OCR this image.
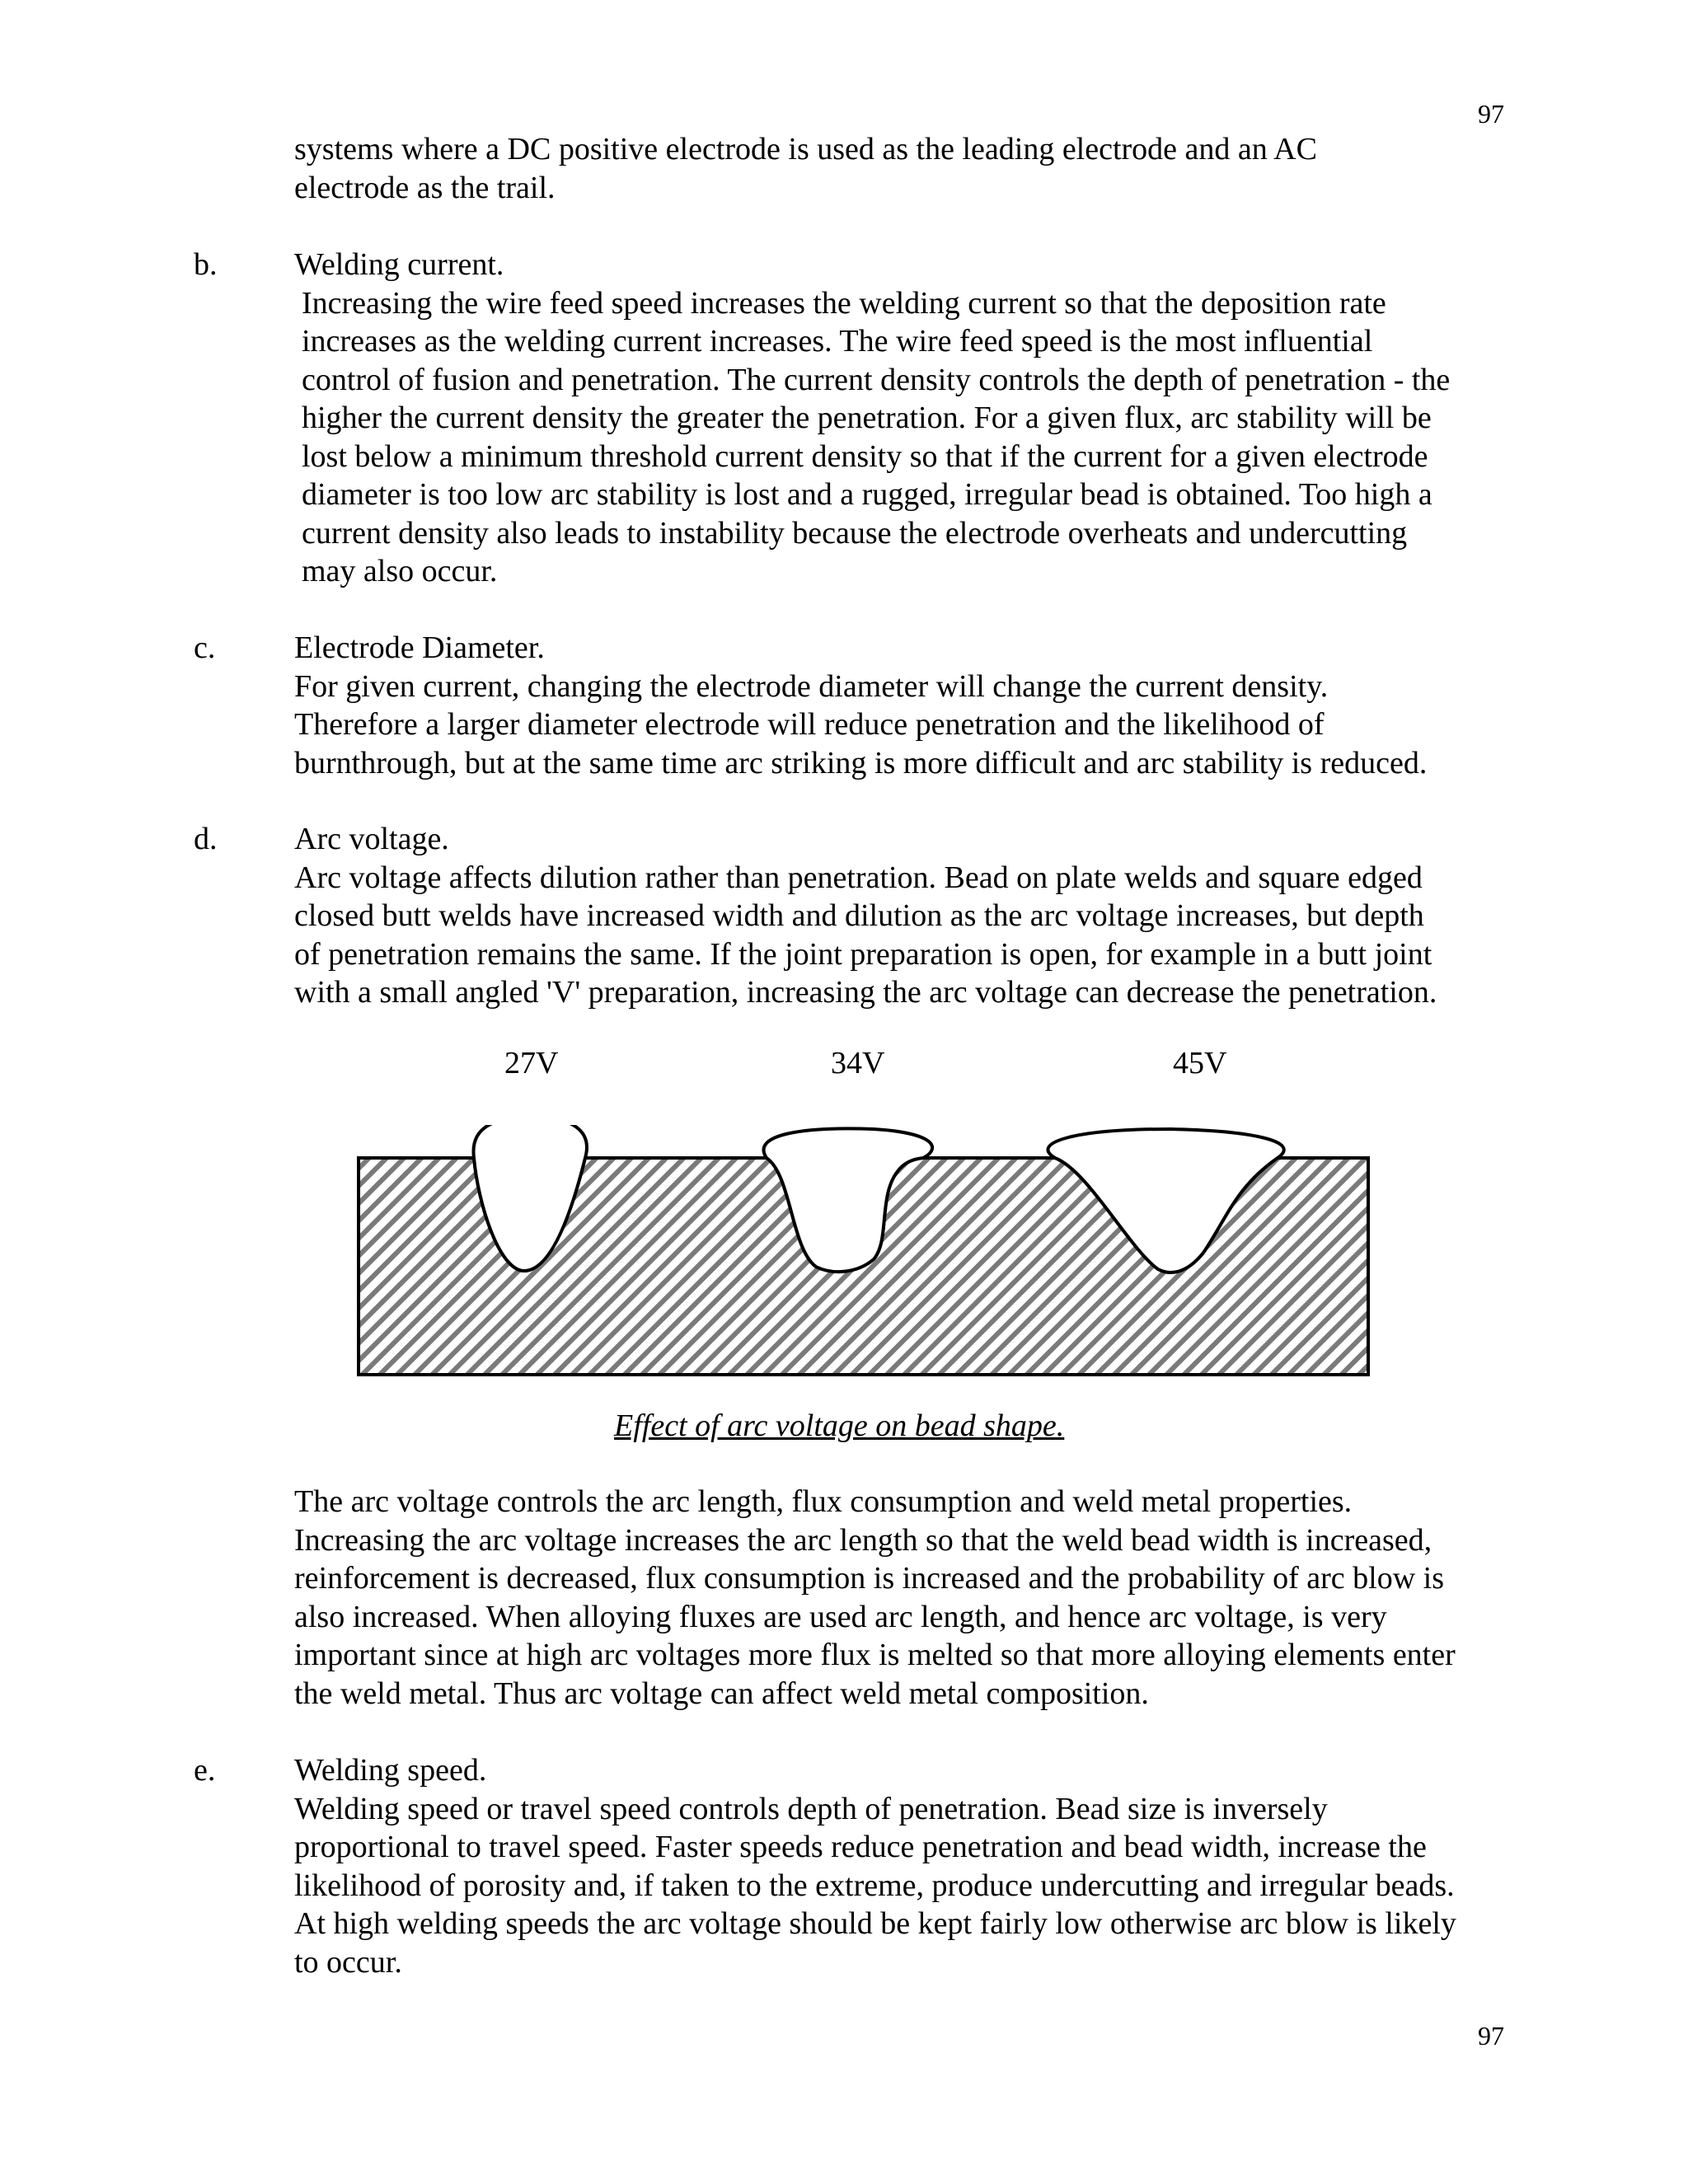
97
systems where a DC positive electrode is used as the leading electrode and an AC
electrode as the trail.
b. Welding current.
Increasing the wire feed speed increases the welding current so that the deposition rate
increases as the welding current increases. The wire feed speed is the most influential
control of fusion and penetration. The current density controls the depth of penetration - the
higher the current density the greater the penetration. For a given flux, arc stability will be
lost below a minimum threshold current density so that if the current for a given electrode
diameter is too low arc stability is lost and a rugged, irregular bead is obtained. Too high a
current density also leads to instability because the electrode overheats and undercutting
may also occur.
c.	Electrode Diameter.
For given current, changing the electrode diameter will change the current density.
Therefore a larger diameter electrode will reduce penetration and the likelihood of
burnthrough, but at the same time arc striking is more difficult and arc stability is reduced.
d. Arc voltage.
Arc voltage affects dilution rather than penetration. Bead on plate welds and square edged
closed butt welds have increased width and dilution as the arc voltage increases, but depth
of penetration remains the same. If the joint preparation is open, for example in a butt joint
with a small angled 'V' preparation, increasing the arc voltage can decrease the penetration.
27V	34V	45V
Effect of arc voltage on bead shape.
The arc voltage controls the arc length, flux consumption and weld metal properties.
Increasing the arc voltage increases the arc length so that the weld bead width is increased,
reinforcement is decreased, flux consumption is increased and the probability of arc blow is
also increased. When alloying fluxes are used arc length, and hence arc voltage, is very
important since at high arc voltages more flux is melted so that more alloying elements enter
the weld metal. Thus arc voltage can affect weld metal composition.
e.	Welding speed.
Welding speed or travel speed controls depth of penetration. Bead size is inversely
proportional to travel speed. Faster speeds reduce penetration and bead width, increase the
likelihood of porosity and, if taken to the extreme, produce undercutting and irregular beads.
At high welding speeds the arc voltage should be kept fairly low otherwise arc blow is likely
to occur.
97
